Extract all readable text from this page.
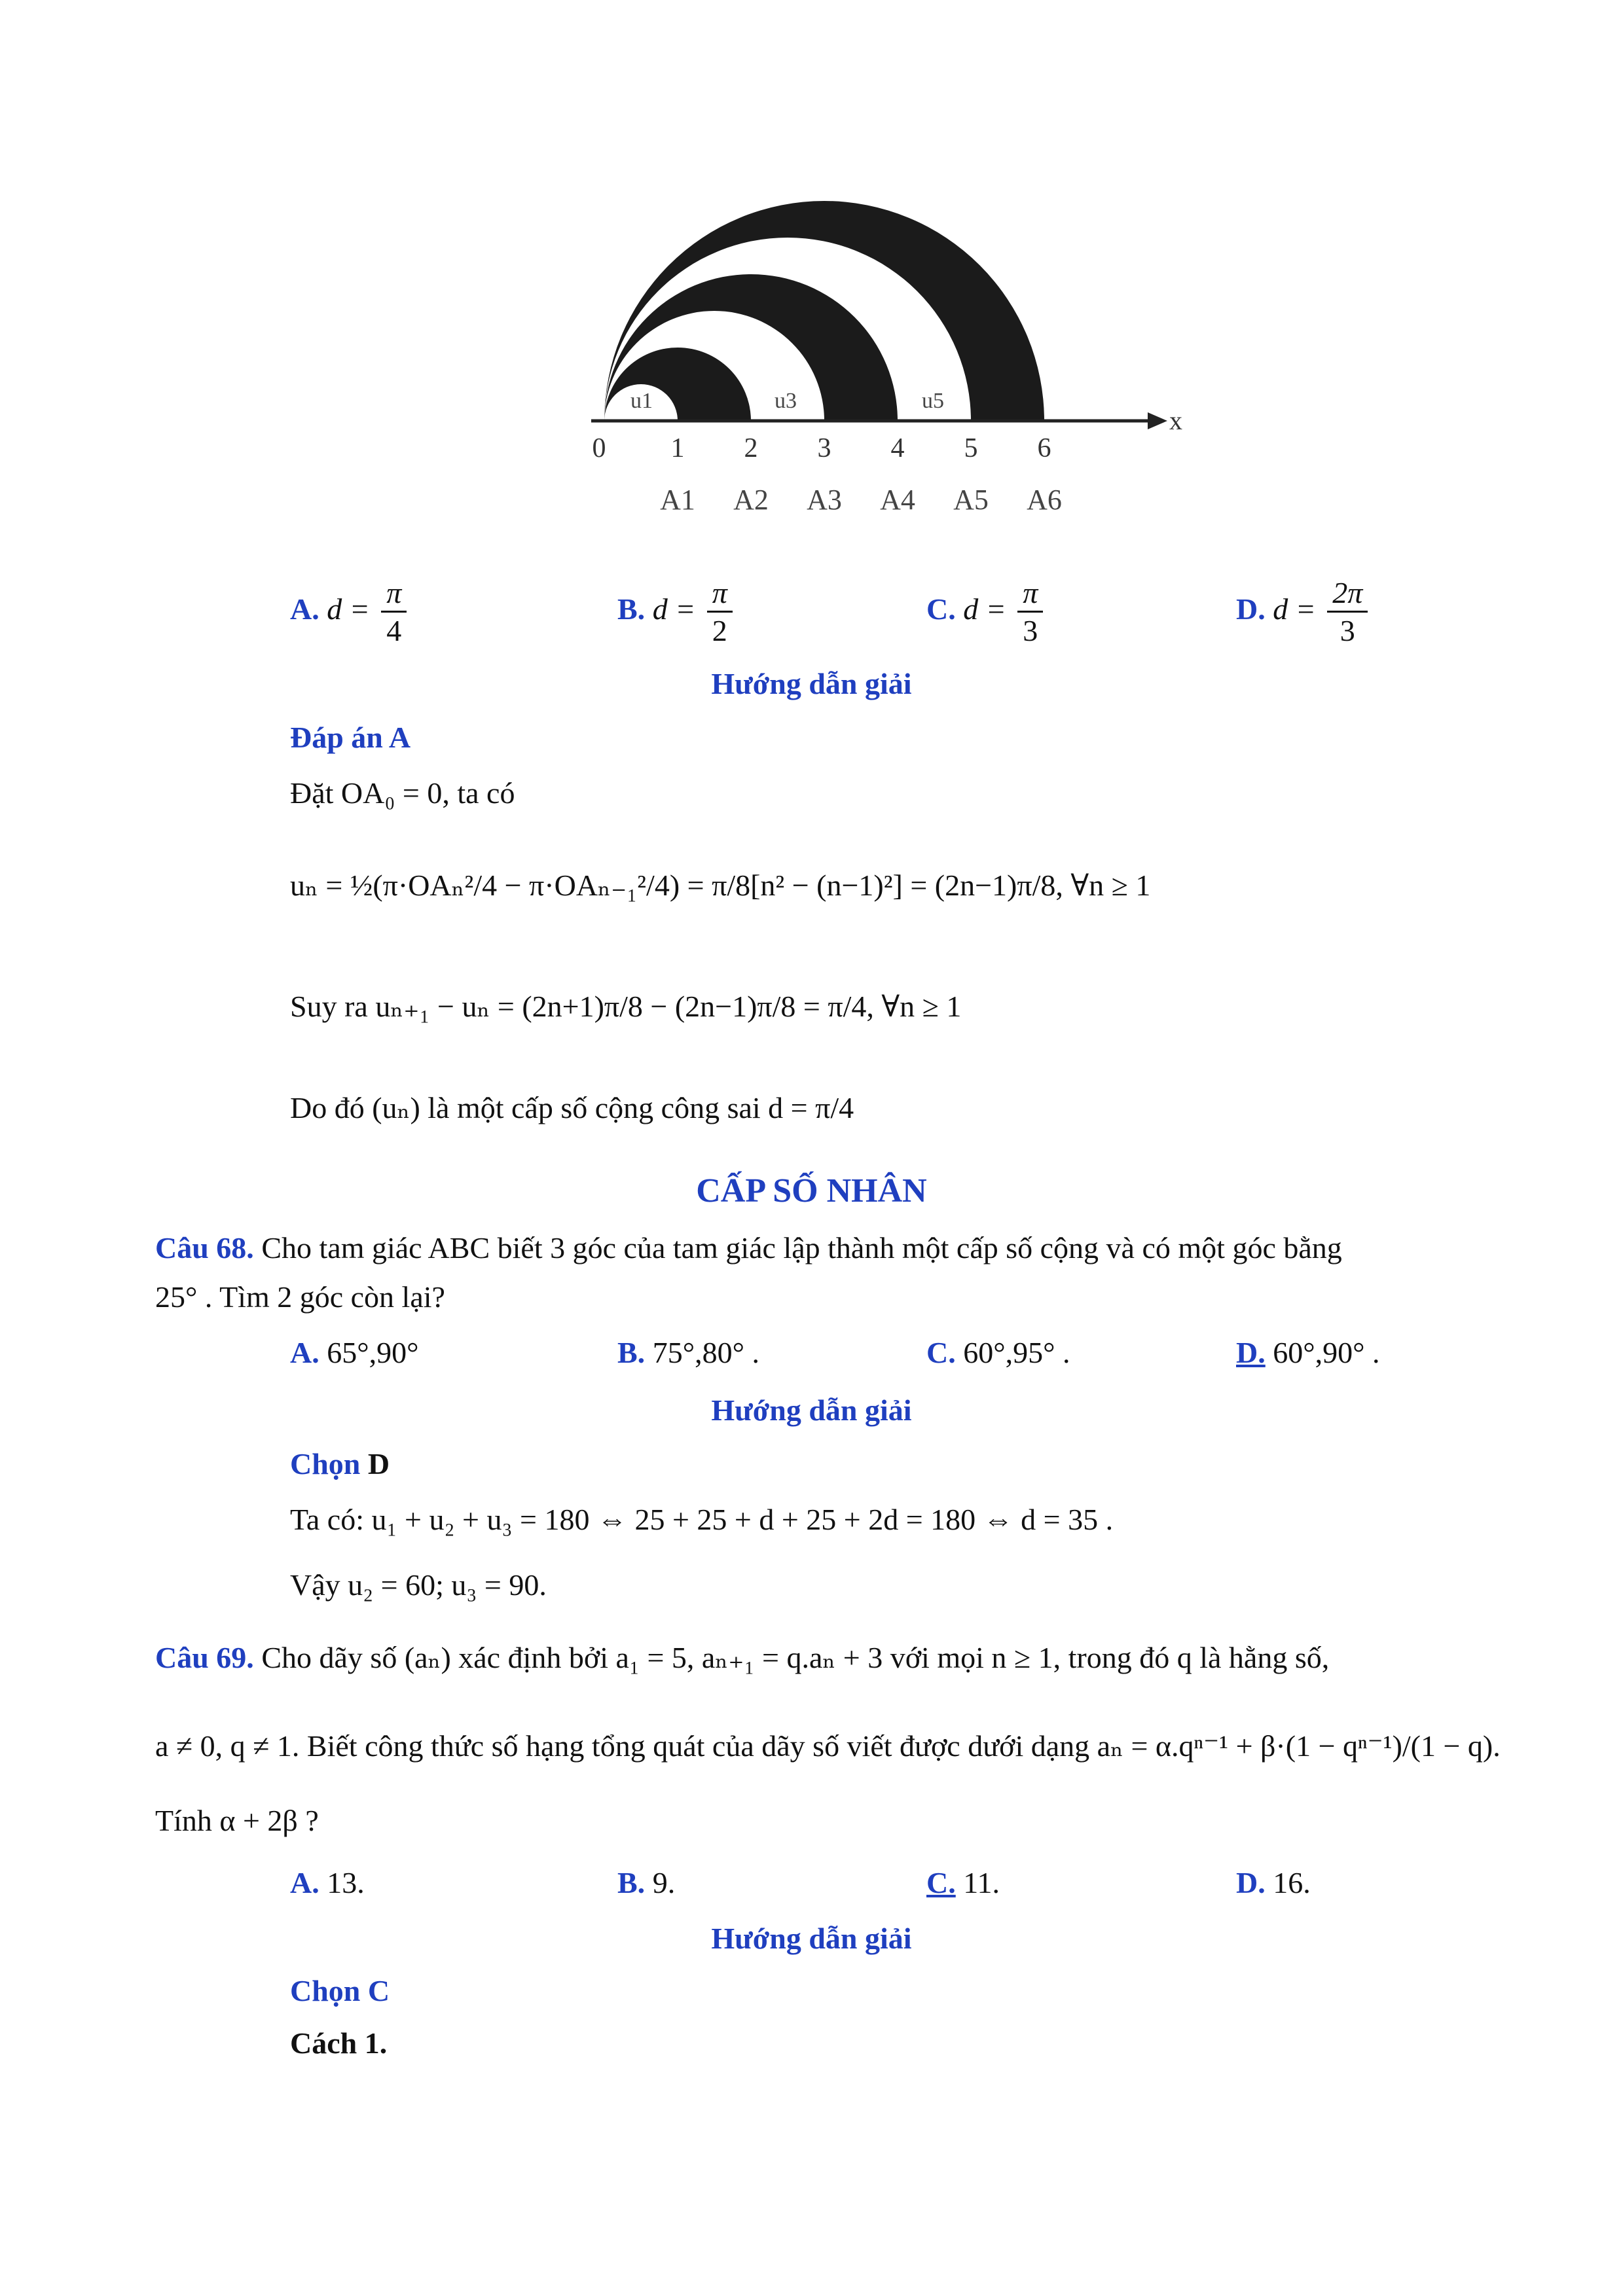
x
u1	u3	u5
0 1 2 3 4 5 6
A1 A2 A3 A4 A5 A6
A. $d = \frac{\pi}{4}$	B. $d = \frac{\pi}{2}$	C. $d = \frac{\pi}{3}$	D. $d = \frac{2\pi}{3}$
Hướng dẫn giải
Đáp án A
Đặt OA₀ = 0, ta có
uₙ = ½(π·OAₙ²/4 − π·OAₙ₋₁²/4) = π/8[n² − (n−1)²] = (2n−1)π/8, ∀n ≥ 1
Suy ra uₙ₊₁ − uₙ = (2n+1)π/8 − (2n−1)π/8 = π/4, ∀n ≥ 1
Do đó (uₙ) là một cấp số cộng công sai d = π/4
CẤP SỐ NHÂN
Câu 68. Cho tam giác ABC biết 3 góc của tam giác lập thành một cấp số cộng và có một góc bằng
25° . Tìm 2 góc còn lại?
A. 65°,90°	B. 75°,80° .	C. 60°,95° .	D. 60°,90° .
Hướng dẫn giải
Chọn D
Ta có: u₁ + u₂ + u₃ = 180 ⇔ 25 + 25 + d + 25 + 2d = 180 ⇔ d = 35 .
Vậy u₂ = 60; u₃ = 90.
Câu 69. Cho dãy số (aₙ) xác định bởi a₁ = 5, aₙ₊₁ = q.aₙ + 3 với mọi n ≥ 1, trong đó q là hằng số,
a ≠ 0, q ≠ 1. Biết công thức số hạng tổng quát của dãy số viết được dưới dạng aₙ = α.qⁿ⁻¹ + β·(1 − qⁿ⁻¹)/(1 − q).
Tính α + 2β ?
A. 13.	B. 9.	C. 11.	D. 16.
Hướng dẫn giải
Chọn C
Cách 1.
